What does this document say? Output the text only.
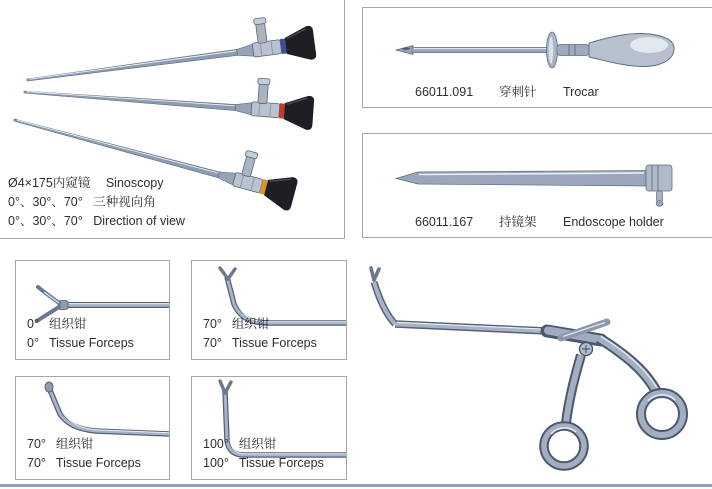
Ø4×175内窥镜 Sinoscopy
0°、30°、70° 三种视向角
0°、30°、70° Direction of view
66011.091	穿刺针	Trocar
66011.167	持镜架	Endoscope holder
0° 组织钳
0° Tissue Forceps
70° 组织钳
70° Tissue Forceps
70° 组织钳
70° Tissue Forceps
100° 组织钳
100° Tissue Forceps
